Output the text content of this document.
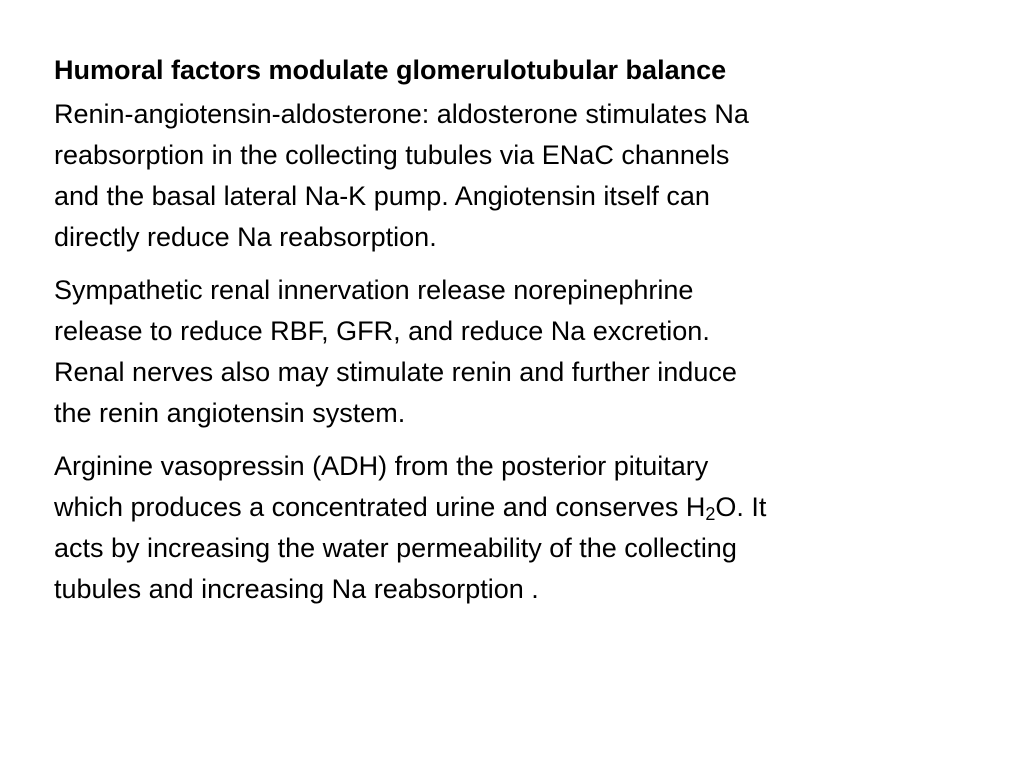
Humoral factors modulate glomerulotubular balance
Renin-angiotensin-aldosterone: aldosterone stimulates Na
reabsorption in the collecting tubules via ENaC channels
and the basal lateral Na-K pump. Angiotensin itself can
directly reduce Na reabsorption.
Sympathetic renal innervation release norepinephrine
release to reduce RBF, GFR, and reduce Na excretion.
Renal nerves also may stimulate renin and further induce
the renin angiotensin system.
Arginine vasopressin (ADH) from the posterior pituitary
which produces a concentrated urine and conserves $H_2O$. It
acts by increasing the water permeability of the collecting
tubules and increasing Na reabsorption .
